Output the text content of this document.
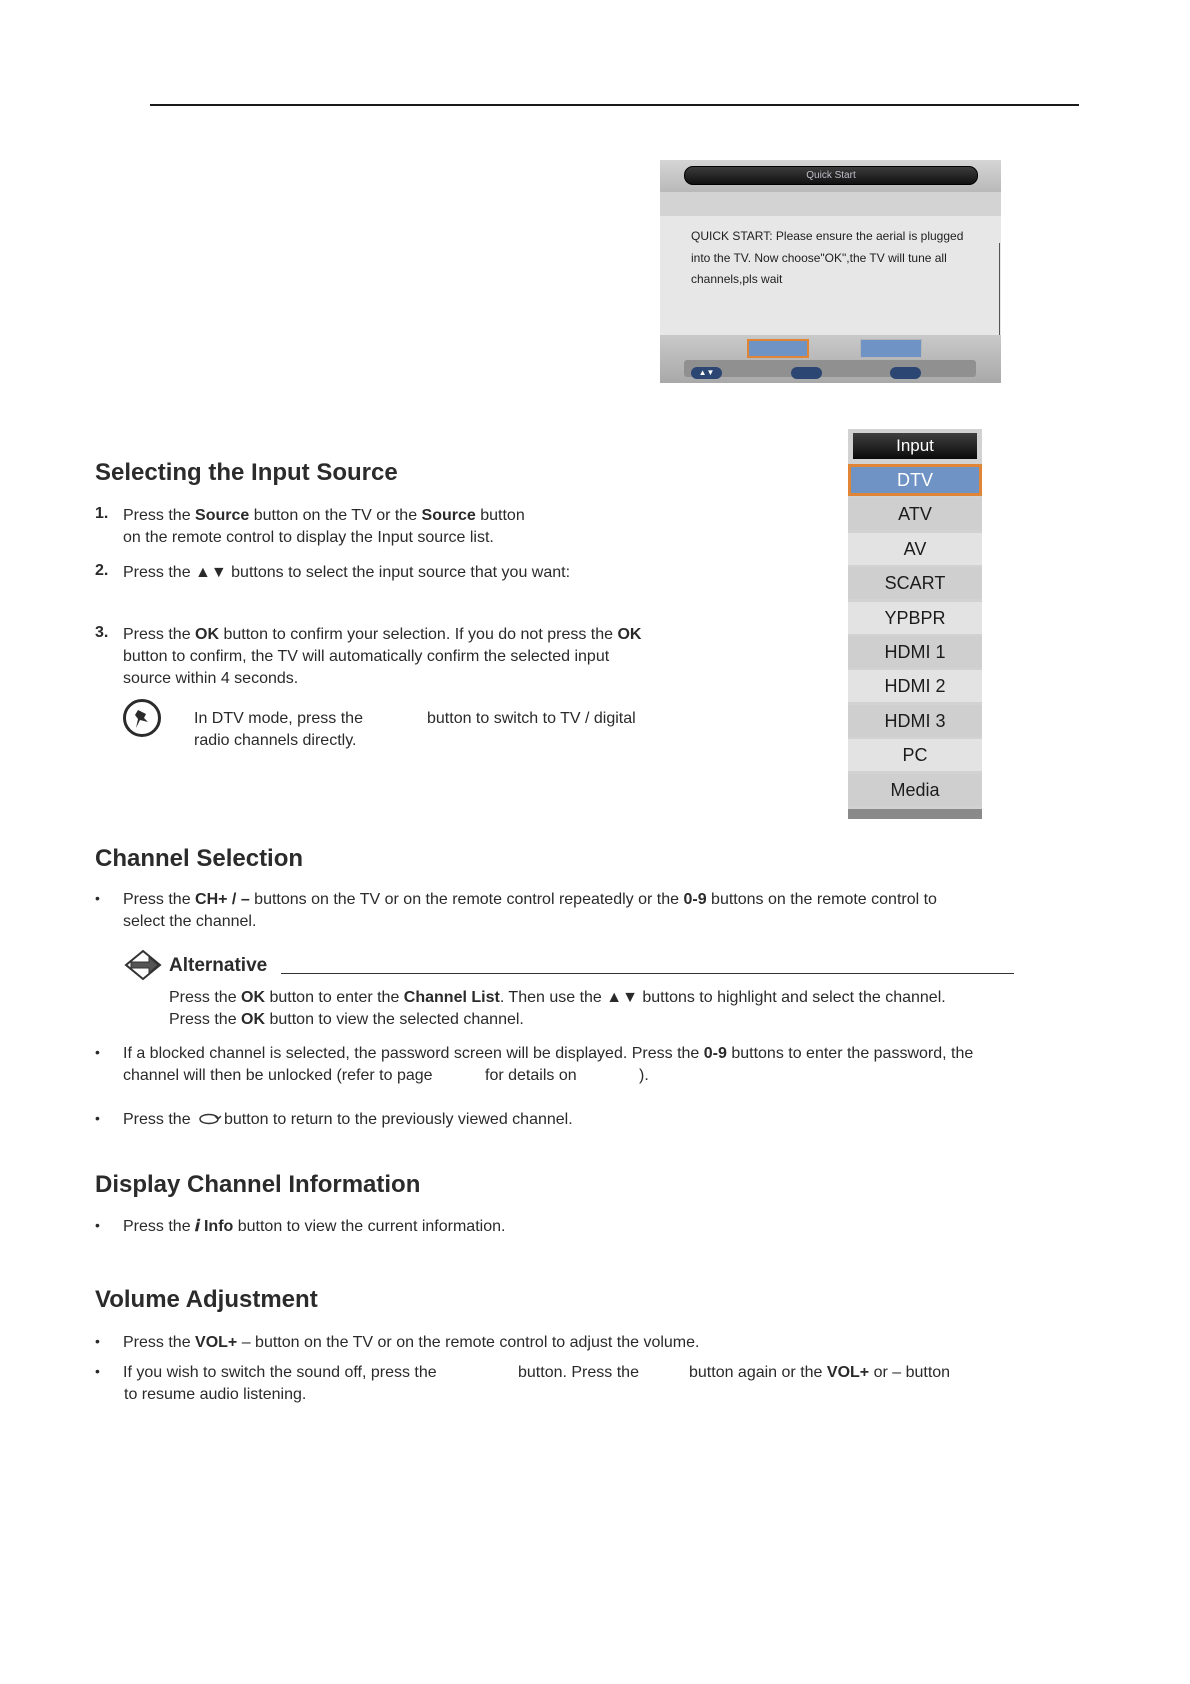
Quick Start
QUICK START: Please ensure the aerial is plugged
into the TV. Now choose"OK",the TV will tune all
channels,pls wait
▲▼
Input
DTV
ATV
AV
SCART
YPBPR
HDMI 1
HDMI 2
HDMI 3
PC
Media
Selecting the Input Source
1. Press the Source button on the TV or the Source button
on the remote control to display the Input source list.
2. Press the ▲▼ buttons to select the input source that you want:
3. Press the OK button to confirm your selection. If you do not press the OK
button to confirm, the TV will automatically confirm the selected input
source within 4 seconds.
In DTV mode, press the	button to switch to TV / digital
radio channels directly.
Channel Selection
• Press the CH+ / – buttons on the TV or on the remote control repeatedly or the 0-9 buttons on the remote control to
select the channel.
Alternative
Press the OK button to enter the Channel List. Then use the ▲▼ buttons to highlight and select the channel.
Press the OK button to view the selected channel.
• If a blocked channel is selected, the password screen will be displayed. Press the 0-9 buttons to enter the password, the
channel will then be unlocked (refer to page	for details on	).
• Press the button to return to the previously viewed channel.
Display Channel Information
• Press the 𝒊 Info button to view the current information.
Volume Adjustment
• Press the VOL+ – button on the TV or on the remote control to adjust the volume.
• If you wish to switch the sound off, press the	button. Press the	button again or the VOL+ or – button
to resume audio listening.
